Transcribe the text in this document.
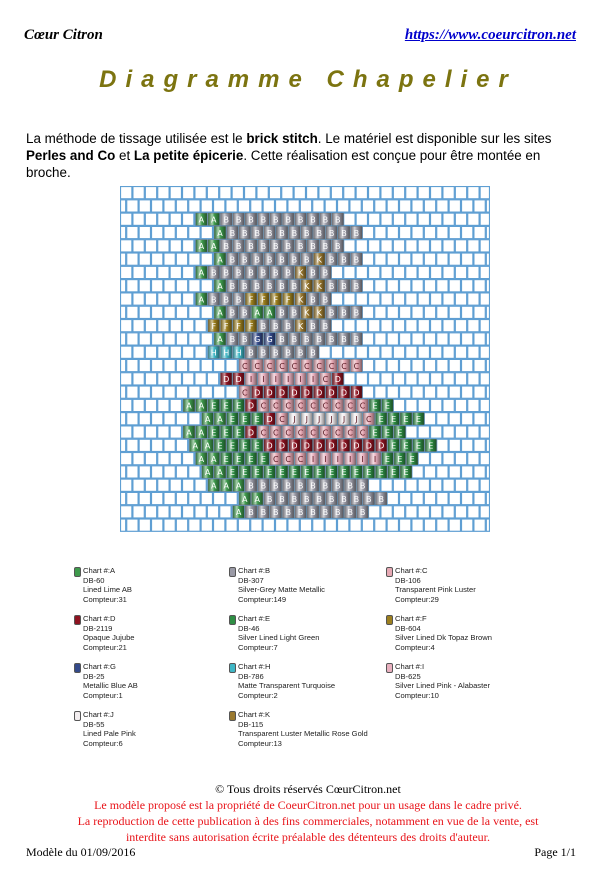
Cœur Citron	https://www.coeurcitron.net
Diagramme Chapelier
La méthode de tissage utilisée est le brick stitch. Le matériel est disponible sur les sites Perles and Co et La petite épicerie. Cette réalisation est conçue pour être montée en broche.
A A B B B B B B B B B B
A B B B B B B B B B B B
A A B B B B B B B B B B
A B B B B B B B K B B B
A B B B B B B B K B B
A B B B B B B K K B B B
A B B B F F F F K B B
A B B A A B B K K B B B
F F F F B B B K B B
A B B G G B B B B B B B
H H H B B B B B B
C C C C C C C C C C
D D I I I I I I C D
C D D D D D D D D D
A A E E E D C C C C C C C C C E E
A A E E E D C J J J J J J C E E E E
A A E E E D C C C C C C C C C E E E
A A E E E E D D D D D D D D D D E E E E
A A E E E E C C C I I I I I I E E E
A A E E E E E E E E E E E E E E E
A A A B B B B B B B B B B
A A B B B B B B B B B B
A B B B B B B B B B B
Chart #:A
DB-60
Lined Lime AB
Compteur:31
Chart #:B
DB-307
Silver-Grey Matte Metallic
Compteur:149
Chart #:C
DB-106
Transparent Pink Luster
Compteur:29
Chart #:D
DB-2119
Opaque Jujube
Compteur:21
Chart #:E
DB-46
Silver Lined Light Green
Compteur:7
Chart #:F
DB-604
Silver Lined Dk Topaz Brown
Compteur:4
Chart #:G
DB-25
Metallic Blue AB
Compteur:1
Chart #:H
DB-786
Matte Transparent Turquoise
Compteur:2
Chart #:I
DB-625
Silver Lined Pink - Alabaster
Compteur:10
Chart #:J
DB-55
Lined Pale Pink
Compteur:6
Chart #:K
DB-115
Transparent Luster Metallic Rose Gold
Compteur:13
© Tous droits réservés CœurCitron.net
Le modèle proposé est la propriété de CoeurCitron.net pour un usage dans le cadre privé.
La reproduction de cette publication à des fins commerciales, notamment en vue de la vente, est
interdite sans autorisation écrite préalable des détenteurs des droits d'auteur.
Modèle du 01/09/2016	Page 1/1
